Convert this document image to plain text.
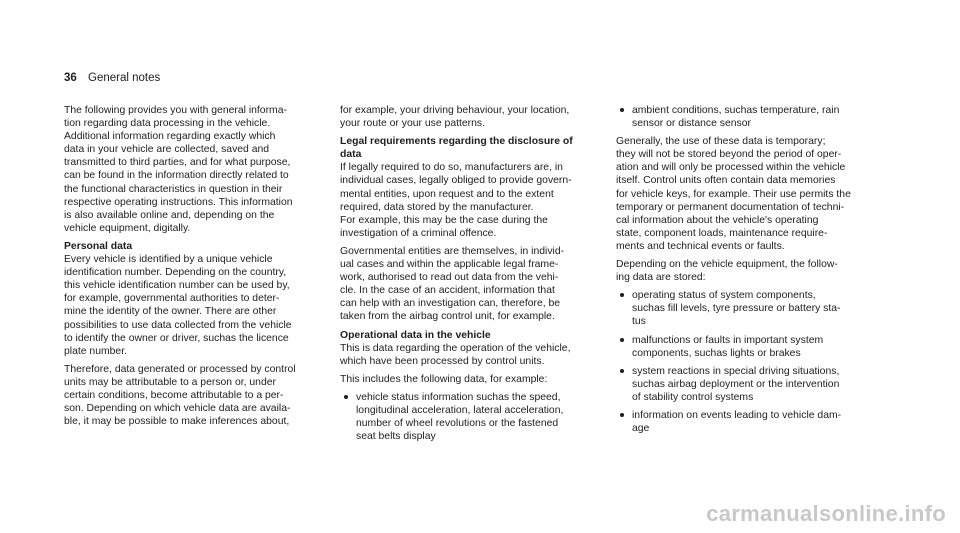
36 General notes

The following provides you with general informa-
tion regarding data processing in the vehicle.
Additional information regarding exactly which
data in your vehicle are collected, saved and
transmitted to third parties, and for what purpose,
can be found in the information directly related to
the functional characteristics in question in their
respective operating instructions. This information
is also available online and, depending on the
vehicle equipment, digitally.

Personal data

Every vehicle is identified by a unique vehicle
identification number. Depending on the country,
this vehicle identification number can be used by,
for example, governmental authorities to deter-
mine the identity of the owner. There are other
possibilities to use data collected from the vehicle
to identify the owner or driver, suchas the licence
plate number.

Therefore, data generated or processed by control
units may be attributable to a person or, under
certain conditions, become attributable to a per-
son. Depending on which vehicle data are availa-
ble, it may be possible to make inferences about,

for example, your driving behaviour, your location,
your route or your use patterns.

Legal requirements regarding the disclosure of
data

If legally required to do so, manufacturers are, in
individual cases, legally obliged to provide govern-
mental entities, upon request and to the extent
required, data stored by the manufacturer.
For example, this may be the case during the
investigation of a criminal offence.

Governmental entities are themselves, in individ-
ual cases and within the applicable legal frame-
work, authorised to read out data from the vehi-
cle. In the case of an accident, information that
can help with an investigation can, therefore, be
taken from the airbag control unit, for example.

Operational data in the vehicle

This is data regarding the operation of the vehicle,
which have been processed by control units.

This includes the following data, for example:

vehicle status information suchas the speed,
longitudinal acceleration, lateral acceleration,
number of wheel revolutions or the fastened
seat belts display
ambient conditions, suchas temperature, rain
sensor or distance sensor

Generally, the use of these data is temporary;
they will not be stored beyond the period of oper-
ation and will only be processed within the vehicle
itself. Control units often contain data memories
for vehicle keys, for example. Their use permits the
temporary or permanent documentation of techni-
cal information about the vehicle's operating
state, component loads, maintenance require-
ments and technical events or faults.

Depending on the vehicle equipment, the follow-
ing data are stored:

operating status of system components,
suchas fill levels, tyre pressure or battery sta-
tus
malfunctions or faults in important system
components, suchas lights or brakes
system reactions in special driving situations,
suchas airbag deployment or the intervention
of stability control systems
information on events leading to vehicle dam-
age
carmanualsonline.info
